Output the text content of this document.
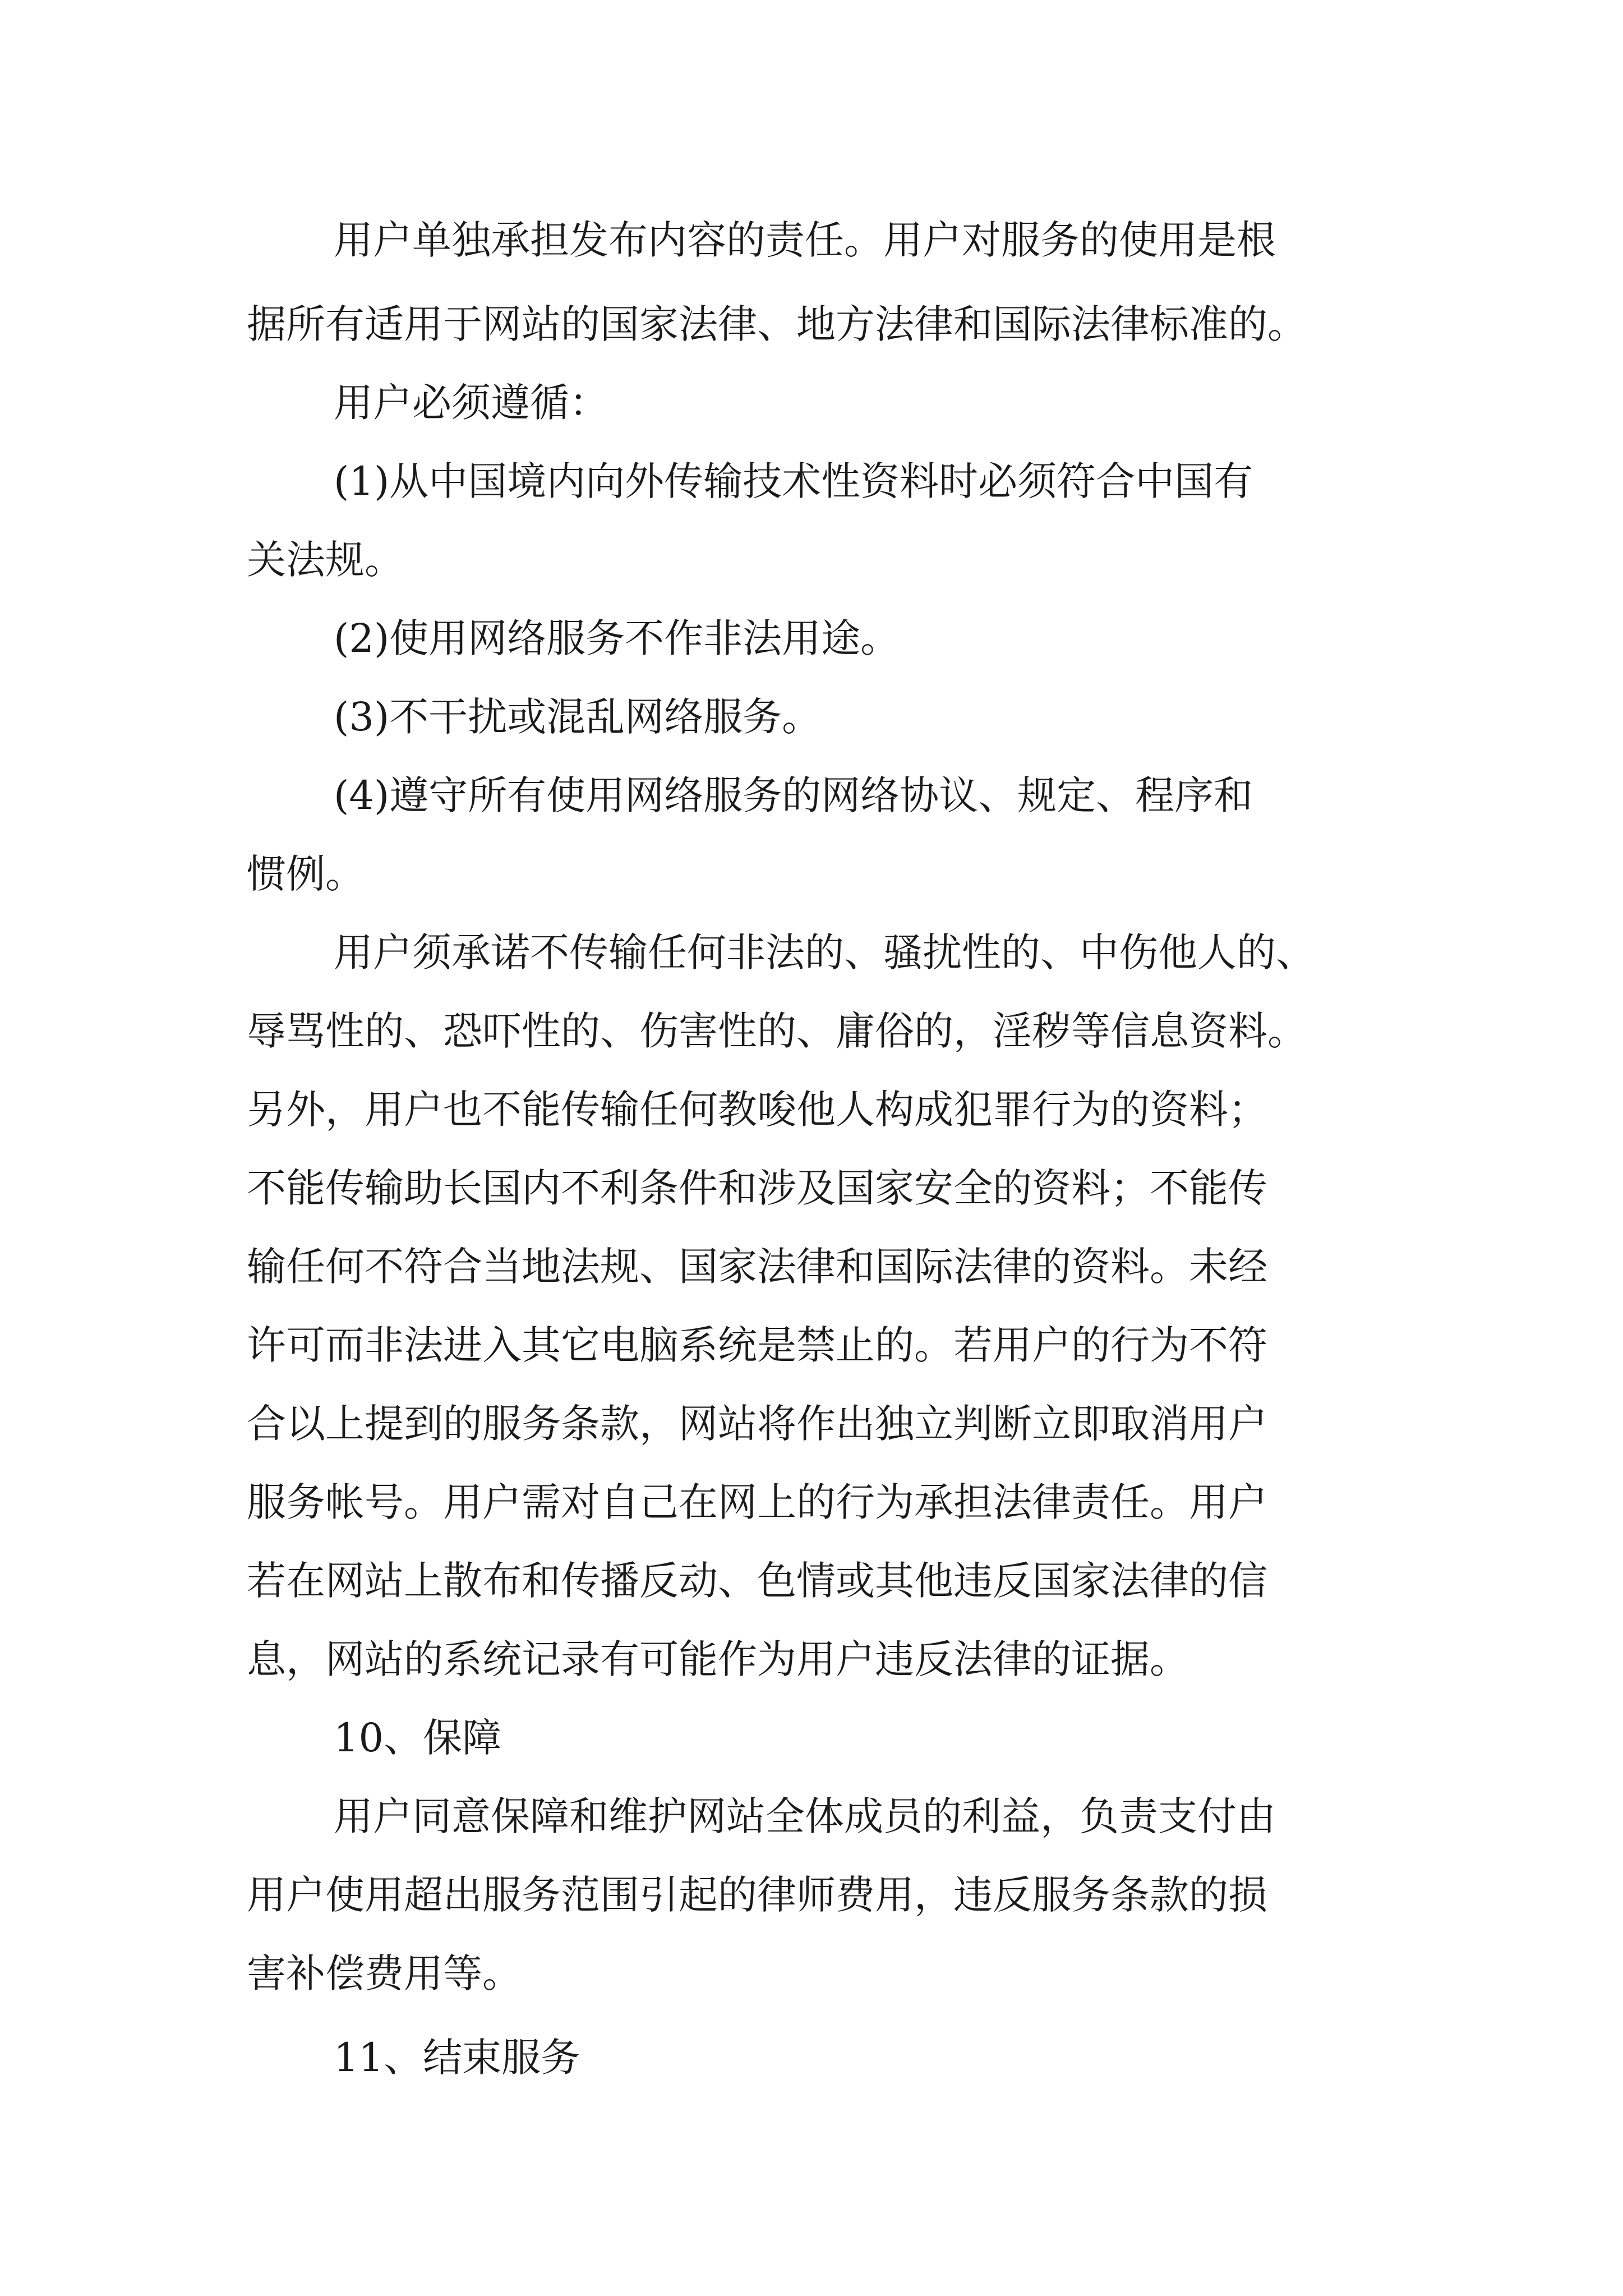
用户单独承担发布内容的责任。用户对服务的使用是根

据所有适用于网站的国家法律、地方法律和国际法律标准的。

用户必须遵循：

(1)从中国境内向外传输技术性资料时必须符合中国有

关法规。

(2)使用网络服务不作非法用途。

(3)不干扰或混乱网络服务。

(4)遵守所有使用网络服务的网络协议、规定、程序和

惯例。

用户须承诺不传输任何非法的、骚扰性的、中伤他人的、

辱骂性的、恐吓性的、伤害性的、庸俗的，淫秽等信息资料。

另外，用户也不能传输任何教唆他人构成犯罪行为的资料；

不能传输助长国内不利条件和涉及国家安全的资料；不能传

输任何不符合当地法规、国家法律和国际法律的资料。未经

许可而非法进入其它电脑系统是禁止的。若用户的行为不符

合以上提到的服务条款，网站将作出独立判断立即取消用户

服务帐号。用户需对自己在网上的行为承担法律责任。用户

若在网站上散布和传播反动、色情或其他违反国家法律的信

息，网站的系统记录有可能作为用户违反法律的证据。

10、保障

用户同意保障和维护网站全体成员的利益，负责支付由

用户使用超出服务范围引起的律师费用，违反服务条款的损

害补偿费用等。

11、结束服务
